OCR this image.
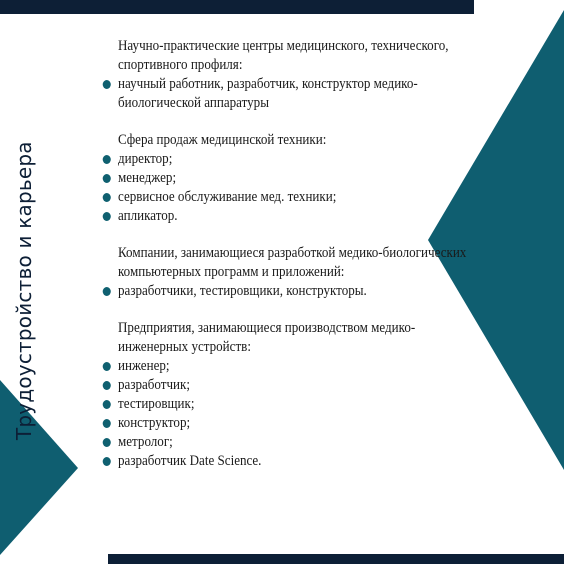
Трудоустройство и карьера
Научно-практические центры медицинского, технического, спортивного профиля:
научный работник, разработчик, конструктор медико-биологической аппаратуры
Сфера продаж медицинской техники:
директор;
менеджер;
сервисное обслуживание мед. техники;
апликатор.
Компании, занимающиеся разработкой медико-биологических компьютерных программ и приложений:
разработчики, тестировщики, конструкторы.
Предприятия, занимающиеся производством медико-инженерных устройств:
инженер;
разработчик;
тестировщик;
конструктор;
метролог;
разработчик Date Science.
